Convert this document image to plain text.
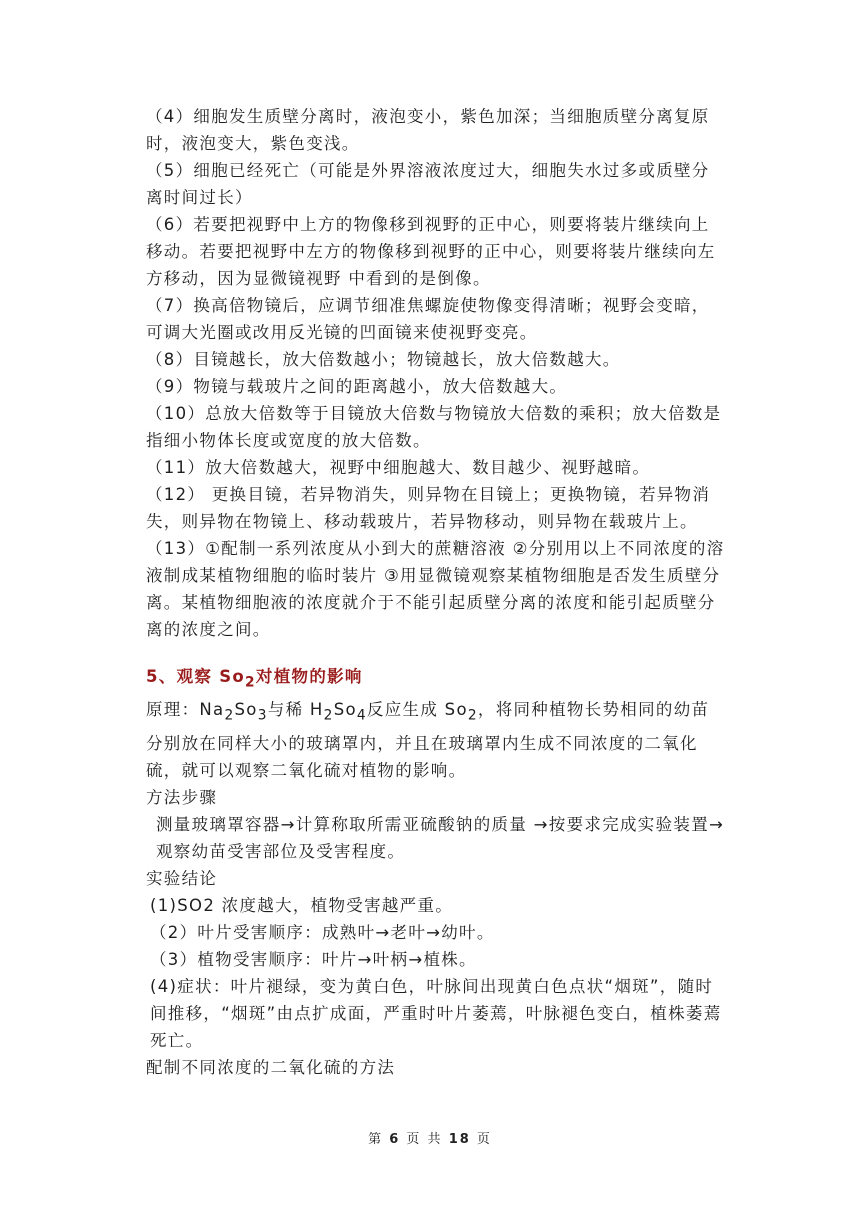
（4）细胞发生质壁分离时，液泡变小，紫色加深；当细胞质壁分离复原时，液泡变大，紫色变浅。

（5）细胞已经死亡（可能是外界溶液浓度过大，细胞失水过多或质壁分离时间过长）

（6）若要把视野中上方的物像移到视野的正中心，则要将装片继续向上移动。若要把视野中左方的物像移到视野的正中心，则要将装片继续向左方移动，因为显微镜视野 中看到的是倒像。

（7）换高倍物镜后，应调节细准焦螺旋使物像变得清晰；视野会变暗，可调大光圈或改用反光镜的凹面镜来使视野变亮。

（8）目镜越长，放大倍数越小；物镜越长，放大倍数越大。

（9）物镜与载玻片之间的距离越小，放大倍数越大。

（10）总放大倍数等于目镜放大倍数与物镜放大倍数的乘积；放大倍数是指细小物体长度或宽度的放大倍数。

（11）放大倍数越大，视野中细胞越大、数目越少、视野越暗。

（12） 更换目镜，若异物消失，则异物在目镜上；更换物镜，若异物消失，则异物在物镜上、移动载玻片，若异物移动，则异物在载玻片上。

（13）①配制一系列浓度从小到大的蔗糖溶液 ②分别用以上不同浓度的溶液制成某植物细胞的临时装片 ③用显微镜观察某植物细胞是否发生质壁分离。某植物细胞液的浓度就介于不能引起质壁分离的浓度和能引起质壁分离的浓度之间。

5、观察 $So_2$对植物的影响

原理：$Na_2So_3$与稀 $H_2So_4$反应生成 $So_2$，将同种植物长势相同的幼苗分别放在同样大小的玻璃罩内，并且在玻璃罩内生成不同浓度的二氧化硫，就可以观察二氧化硫对植物的影响。

方法步骤

测量玻璃罩容器→计算称取所需亚硫酸钠的质量 →按要求完成实验装置→观察幼苗受害部位及受害程度。

实验结论

(1)SO2 浓度越大，植物受害越严重。

（2）叶片受害顺序：成熟叶→老叶→幼叶。

（3）植物受害顺序：叶片→叶柄→植株。

(4)症状：叶片褪绿，变为黄白色，叶脉间出现黄白色点状“烟斑”，随时间推移，“烟斑”由点扩成面，严重时叶片萎蔫，叶脉褪色变白，植株萎蔫死亡。

配制不同浓度的二氧化硫的方法

第 6 页 共 18 页
